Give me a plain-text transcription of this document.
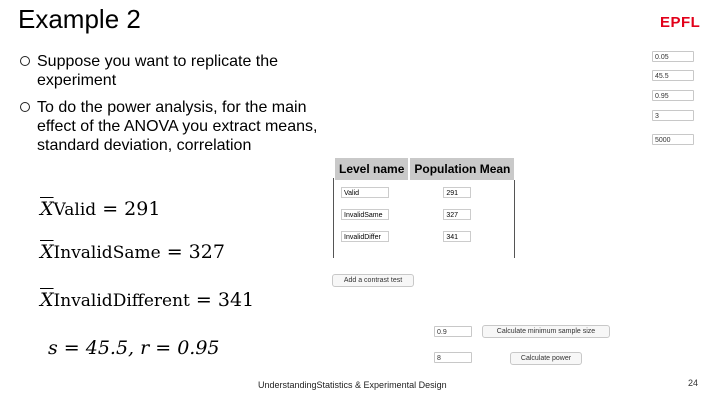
Example 2	EPFL
Suppose you want to replicate the experiment
To do the power analysis, for the main effect of the ANOVA you extract means, standard deviation, correlation
$\overline{X}Valid = 291$
$\overline{X}InvalidSame = 327$
$\overline{X}InvalidDifferent = 341$
s = 45.5, r = 0.95
0.05
45.5
0.95
3
5000
Level name	Population Mean
Valid	291
InvalidSame	327
InvalidDiffer	341
Add a contrast test
0.9	Calculate minimum sample size
8	Calculate power
UnderstandingStatistics & Experimental Design	24
